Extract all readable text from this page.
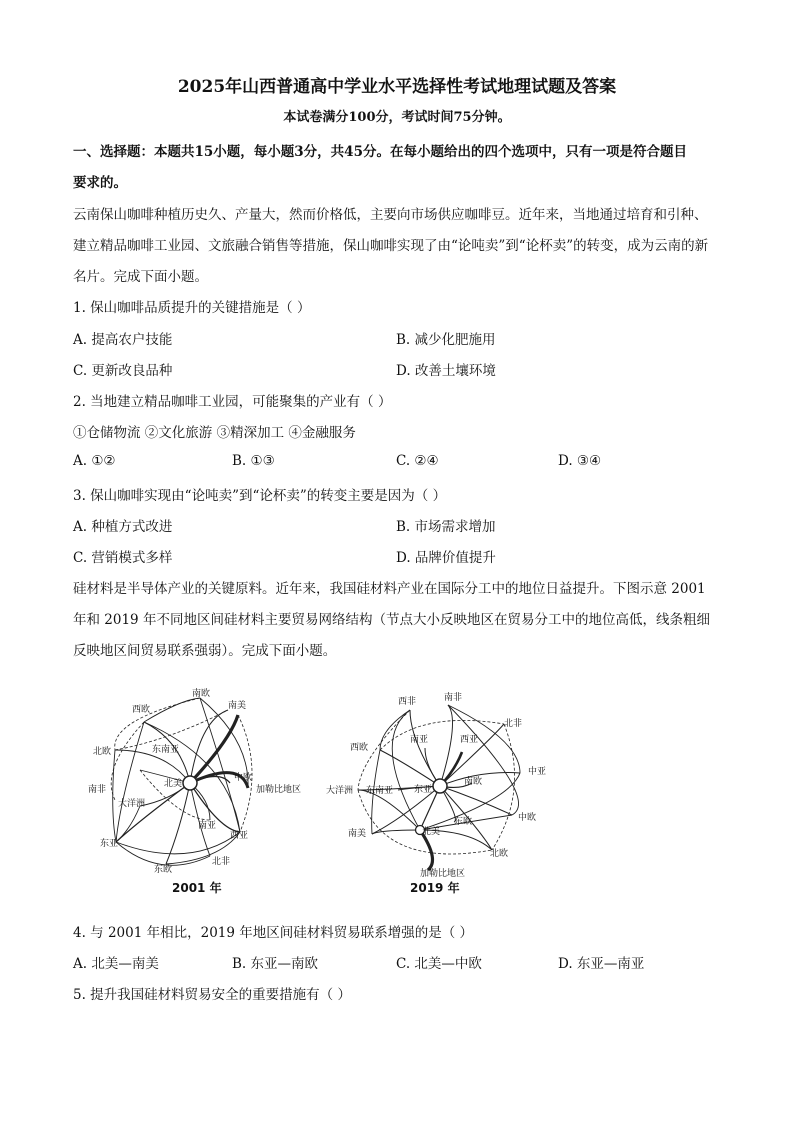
2025年山西普通高中学业水平选择性考试地理试题及答案
本试卷满分100分，考试时间75分钟。
一、选择题：本题共15小题，每小题3分，共45分。在每小题给出的四个选项中，只有一项是符合题目
要求的。
云南保山咖啡种植历史久、产量大，然而价格低，主要向市场供应咖啡豆。近年来，当地通过培育和引种、
建立精品咖啡工业园、文旅融合销售等措施，保山咖啡实现了由“论吨卖”到“论杯卖”的转变，成为云南的新
名片。完成下面小题。
1. 保山咖啡品质提升的关键措施是（ ）
A. 提高农户技能	B. 减少化肥施用
C. 更新改良品种	D. 改善土壤环境
2. 当地建立精品咖啡工业园，可能聚集的产业有（ ）
①仓储物流 ②文化旅游 ③精深加工 ④金融服务
A. ①②	B. ①③	C. ②④	D. ③④
3. 保山咖啡实现由“论吨卖”到“论杯卖”的转变主要是因为（ ）
A. 种植方式改进	B. 市场需求增加
C. 营销模式多样	D. 品牌价值提升
硅材料是半导体产业的关键原料。近年来，我国硅材料产业在国际分工中的地位日益提升。下图示意 2001
年和 2019 年不同地区间硅材料主要贸易网络结构（节点大小反映地区在贸易分工中的地位高低，线条粗细
反映地区间贸易联系强弱）。完成下面小题。
南欧
西欧	南美
北欧	东南亚
南非
北美
中欧
加勒比地区
大洋洲
南亚
东亚
西亚
东欧
北非
2001 年
西非	南非
北非
西欧
南亚	西亚
中亚
南欧
大洋洲 东南亚 东亚
中欧
南美
东欧
北美
北欧
加勒比地区
2019 年
4. 与 2001 年相比，2019 年地区间硅材料贸易联系增强的是（ ）
A. 北美—南美	B. 东亚—南欧	C. 北美—中欧	D. 东亚—南亚
5. 提升我国硅材料贸易安全的重要措施有（ ）
